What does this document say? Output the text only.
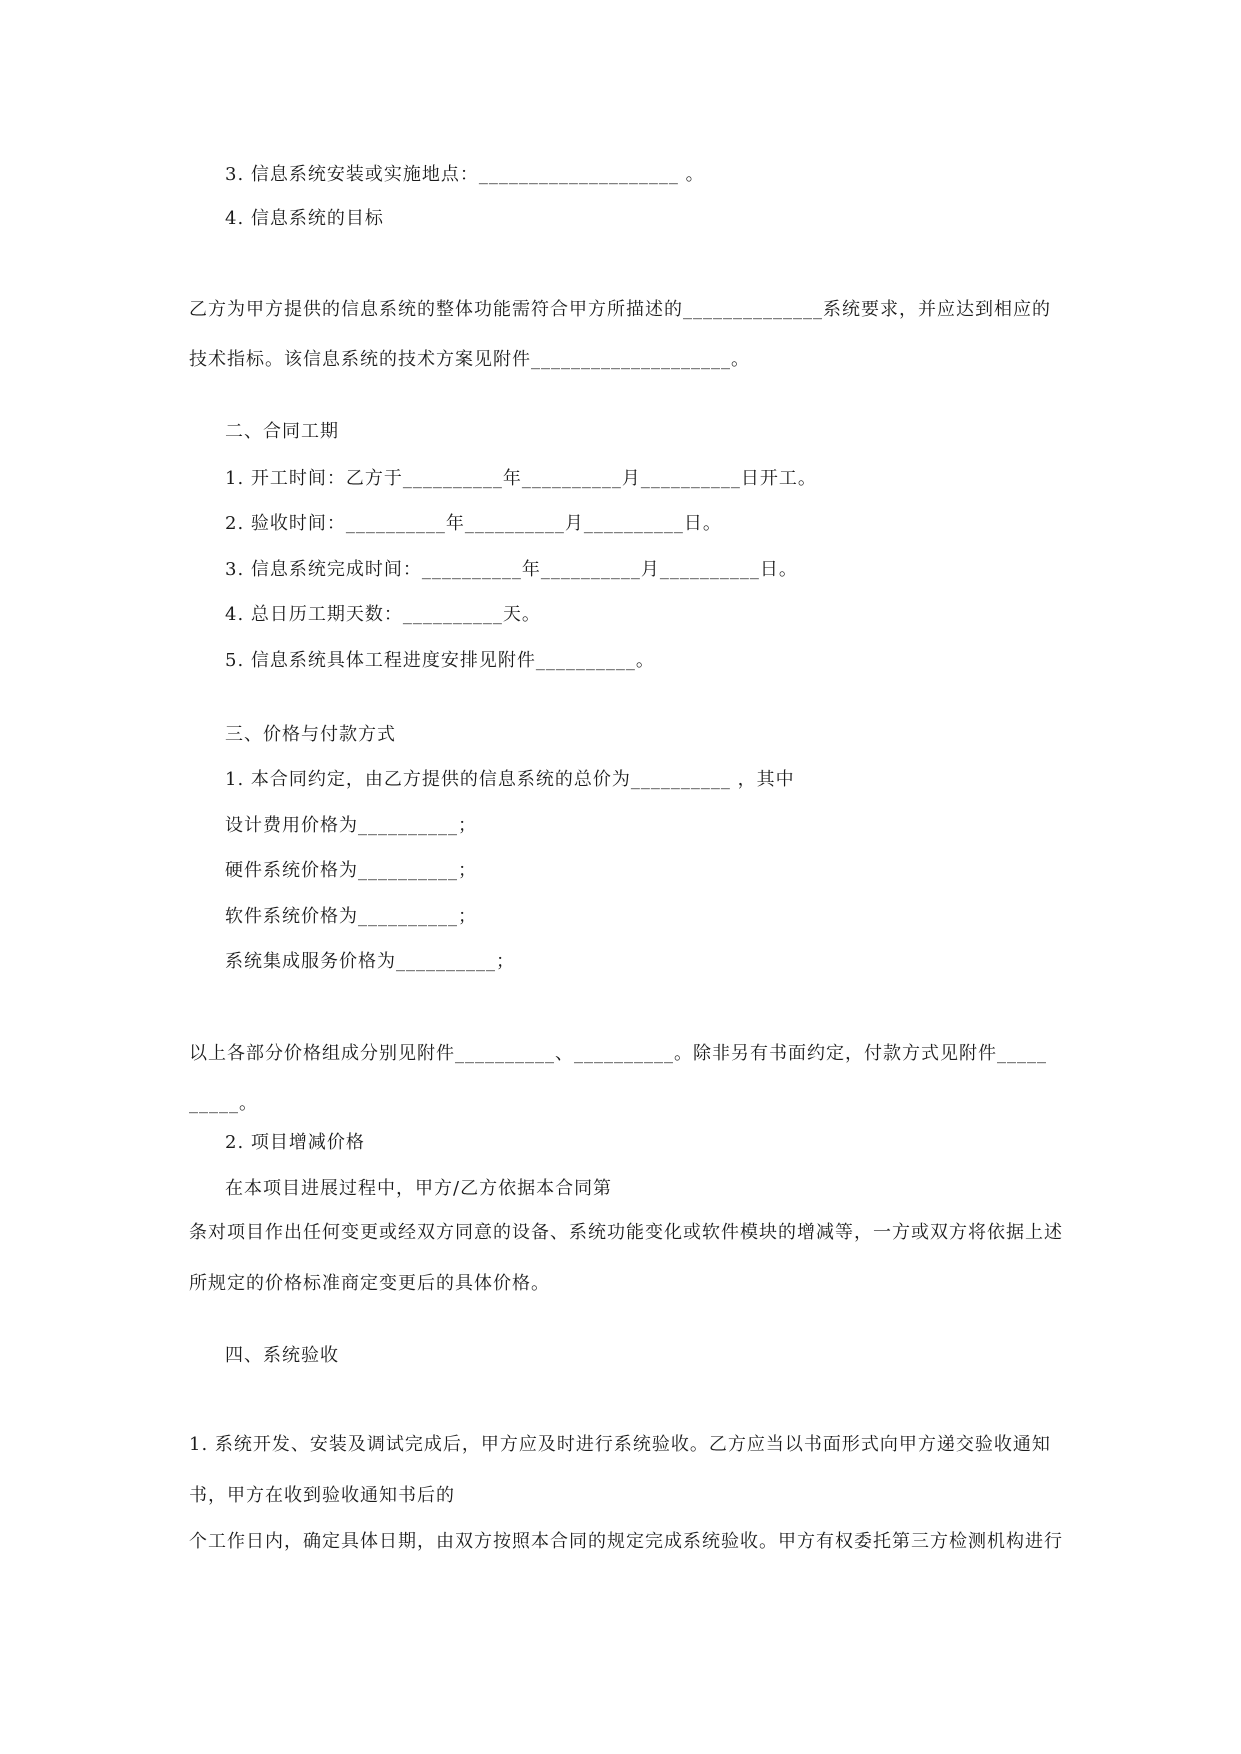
3. 信息系统安装或实施地点：____________________ 。
4. 信息系统的目标
乙方为甲方提供的信息系统的整体功能需符合甲方所描述的______________系统要求，并应达到相应的
技术指标。该信息系统的技术方案见附件____________________。
二、合同工期
1. 开工时间：乙方于__________年__________月__________日开工。
2. 验收时间：__________年__________月__________日。
3. 信息系统完成时间：__________年__________月__________日。
4. 总日历工期天数：__________天。
5. 信息系统具体工程进度安排见附件__________。
三、价格与付款方式
1. 本合同约定，由乙方提供的信息系统的总价为__________ ，其中
设计费用价格为__________；
硬件系统价格为__________；
软件系统价格为__________；
系统集成服务价格为__________；
以上各部分价格组成分别见附件__________、__________。除非另有书面约定，付款方式见附件_____
_____。
2. 项目增减价格
在本项目进展过程中，甲方/乙方依据本合同第
条对项目作出任何变更或经双方同意的设备、系统功能变化或软件模块的增减等，一方或双方将依据上述
所规定的价格标准商定变更后的具体价格。
四、系统验收
1. 系统开发、安装及调试完成后，甲方应及时进行系统验收。乙方应当以书面形式向甲方递交验收通知
书，甲方在收到验收通知书后的
个工作日内，确定具体日期，由双方按照本合同的规定完成系统验收。甲方有权委托第三方检测机构进行
